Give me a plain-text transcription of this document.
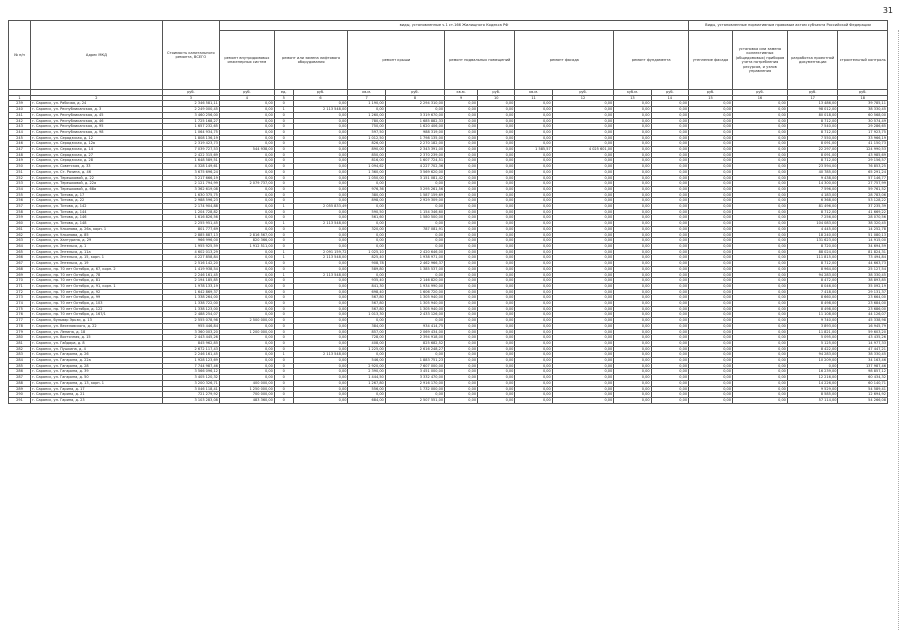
31
№ п/п	Адрес МКД	Стоимость капитального ремонта, ВСЕГО	виды, установленные ч.1 ст.166 Жилищного Кодекса РФ											Виды, установленные нормативным правовым актом субъекта Российской Федерации			
			ремонт внутридомовых инженерных систем	ремонт или замена лифтового оборудования		ремонт крыши		ремонт подвальных помещений		ремонт фасада		ремонт фундамента		утепление фасада	установка или замена коллективных (общедомовых) приборов учета потребления ресурсов, и узлов управления	разработка проектной документации	строительный контроль
		руб.	руб.	ед.	руб.	кв.м.	руб.	кв.м.	руб.	кв.м.	руб.	куб.м.	руб.	руб.	руб.	руб.	руб.
1	2	3	4	5	6	7	8	9	10	11	12	13	14	15	16	17	18
239	г. Саранск, ул. Рабочая, д. 24	2 346 581,11	0,00	0	0,00	1 190,00	2 294 310,00	0,00	0,00	0,00	0,00	0,00	0,00	0,00	0,00	13 486,00	39 785,11
240	г. Саранск, ул. Республиканская, д. 3	2 249 000,45	0,00	1	2 113 548,00	0,00	0,00	0,00	0,00	0,00	0,00	0,00	0,00	0,00	0,00	98 012,00	38 330,45
241	г. Саранск, ул. Республиканская, д. 45	3 460 256,00	0,00	0	0,00	1 260,00	3 319 670,00	0,00	0,00	0,00	0,00	0,00	0,00	0,00	0,00	80 018,00	60 568,00
242	г. Саранск, ул. Республиканская, д. 46	1 725 168,27	0,00	0	0,00	780,00	1 685 882,33	0,00	0,00	0,00	0,00	0,00	0,00	0,00	0,00	8 712,00	30 574,49
243	г. Саранск, ул. Республиканская, д. 95	1 657 232,65	0,00	0	0,00	750,00	1 620 406,00	0,00	0,00	0,00	0,00	0,00	0,00	0,00	0,00	7 540,00	29 286,65
244	г. Саранск, ул. Республиканская, д. 98	1 064 934,75	0,00	0	0,00	597,50	988 319,00	0,00	0,00	0,00	0,00	0,00	0,00	0,00	0,00	8 712,00	17 923,75
245	г. Саранск, ул. Серадзская, д. 12	1 808 136,19	0,00	0	0,00	1 012,50	1 798 135,00	0,00	0,00	0,00	0,00	0,00	0,00	0,00	0,00	7 550,00	33 966,19
246	г. Саранск, ул. Серадзская, д. 12а	2 319 423,73	0,00	0	0,00	826,00	2 270 182,00	0,00	0,00	0,00	0,00	0,00	0,00	0,00	0,00	8 091,00	41 150,73
247	г. Саранск, ул. Серадзская, д. 14	7 039 727,53	544 938,00	0	0,00	890,00	2 343 391,00	0,00	0,00	1 585,57	4 025 601,00	0,00	0,00	0,00	0,00	22 297,00	124 990,53
248	г. Саранск, ул. Серадзская, д. 27	2 422 315,69	0,00	0	0,00	850,00	2 370 239,00	0,00	0,00	0,00	0,00	0,00	0,00	0,00	0,00	8 091,00	43 985,69
249	г. Саранск, ул. Серадзская, д. 28	1 648 589,51	0,00	0	0,00	816,00	1 607 724,51	0,00	0,00	0,00	0,00	0,00	0,00	0,00	0,00	8 712,00	29 156,57
250	г. Саранск, ул. Советская, д. 33	4 328 149,61	0,00	0	0,00	1 094,62	4 227 702,36	0,00	0,00	0,00	0,00	0,00	0,00	0,00	0,00	23 594,00	76 853,25
251	г. Саранск, ул. Ст. Разина, д. 46	3 675 696,24	0,00	0	0,00	1 360,00	3 569 620,00	0,00	0,00	0,00	0,00	0,00	0,00	0,00	0,00	40 785,00	65 291,24
252	г. Саранск, ул. Терешковой, д. 22	3 217 666,19	0,00	0	0,00	1 050,00	3 151 081,42	0,00	0,00	0,00	0,00	0,00	0,00	0,00	0,00	9 438,00	57 146,77
253	г. Саранск, ул. Терешковой, д. 22а	2 121 794,99	2 079 737,00	0	0,00	0,00	0,00	0,00	0,00	0,00	0,00	0,00	0,00	0,00	0,00	14 300,00	27 757,99
254	г. Саранск, ул. Терешковой, д. 68а	3 362 619,08	0,00	0	0,00	976,36	3 295 261,56	0,00	0,00	0,00	0,00	0,00	0,00	0,00	0,00	7 596,00	59 761,52
255	г. Саранск, ул. Титова, д. 17	1 630 375,75	0,00	0	0,00	380,00	1 587 159,69	0,00	0,00	0,00	0,00	0,00	0,00	0,00	0,00	4 183,00	28 783,06
256	г. Саранск, ул. Титова, д. 22	2 988 596,23	0,00	0	0,00	898,00	2 929 309,00	0,00	0,00	0,00	0,00	0,00	0,00	0,00	0,00	6 368,00	53 128,22
257	г. Саранск, ул. Титова, д. 142	2 174 904,88	0,00	1	2 055 833,49	0,00	0,00	0,00	0,00	0,00	0,00	0,00	0,00	0,00	0,00	81 496,00	37 235,39
258	г. Саранск, ул. Титова, д. 144	1 204 728,82	0,00	0	0,00	590,50	1 154 346,60	0,00	0,00	0,00	0,00	0,00	0,00	0,00	0,00	8 712,00	41 669,22
259	г. Саранск, ул. Титова, д. 146	1 616 826,56	0,00	0	0,00	561,60	1 580 500,00	0,00	0,00	0,00	0,00	0,00	0,00	0,00	0,00	7 256,00	28 070,56
260	г. Саранск, ул. Титова, д. 148	2 255 951,45	0,00	1	2 113 548,00	0,00	0,00	0,00	0,00	0,00	0,00	0,00	0,00	0,00	0,00	104 083,00	38 320,45
261	г. Саранск, ул. Ульянова, д. 26а, корп. 1	801 777,69	0,00	0	0,00	320,00	787 081,91	0,00	0,00	0,00	0,00	0,00	0,00	0,00	0,00	4 445,00	14 252,78
262	г. Саранск, ул. Ульянова, д. 85	2 885 887,13	2 816 567,00	0	0,00	0,00	0,00	0,00	0,00	0,00	0,00	0,00	0,00	0,00	0,00	18 240,00	51 080,13
263	г. Саранск, ул. Халтурина, д. 29	966 996,00	820 366,00	0	0,00	0,00	0,00	0,00	0,00	0,00	0,00	0,00	0,00	0,00	0,00	131 623,00	14 915,00
264	г. Саранск, ул. Энгельса, д. 1	1 955 925,59	1 912 511,00	0	0,00	0,00	0,00	0,00	0,00	0,00	0,00	0,00	0,00	0,00	0,00	8 720,00	34 694,59
265	г. Саранск, ул. Энгельса, д. 11а	4 602 013,29	0,00	1	2 091 159,72	1 025,10	2 420 646,00	0,00	0,00	0,00	0,00	0,00	0,00	0,00	0,00	88 024,00	81 824,31
266	г. Саранск, ул. Энгельса, д. 15, корп. 1	4 227 858,84	0,00	1	2 113 548,00	825,40	1 938 971,00	0,00	0,00	0,00	0,00	0,00	0,00	0,00	0,00	111 815,00	73 494,84
267	г. Саранск, ул. Энгельса, д. 19	2 516 142,20	0,00	0	0,00	908,78	2 462 966,37	0,00	0,00	0,00	0,00	0,00	0,00	0,00	0,00	8 712,00	44 663,73
268	г. Саранск, пр. 70 лет Октября, д. 67, корп. 2	1 419 938,54	0,00	0	0,00	589,80	1 385 537,00	0,00	0,00	0,00	0,00	0,00	0,00	0,00	0,00	8 964,00	25 127,54
269	г. Саранск, пр. 70 лет Октября, д. 78	2 246 161,45	0,00	1	2 113 548,00	0,00	0,00	0,00	0,00	0,00	0,00	0,00	0,00	0,00	0,00	94 283,00	38 330,45
270	г. Саранск, пр. 70 лет Октября, д. 81	2 194 185,85	0,00	0	0,00	935,40	2 146 820,00	0,00	0,00	0,00	0,00	0,00	0,00	0,00	0,00	8 472,00	38 893,85
271	г. Саранск, пр. 70 лет Октября, д. 91, корп. 1	1 978 133,19	0,00	0	0,00	841,30	1 934 990,00	0,00	0,00	0,00	0,00	0,00	0,00	0,00	0,00	8 046,00	35 092,19
272	г. Саранск, пр. 70 лет Октября, д. 92	1 642 869,37	0,00	0	0,00	698,40	1 606 720,00	0,00	0,00	0,00	0,00	0,00	0,00	0,00	0,00	7 418,00	29 131,37
273	г. Саранск, пр. 70 лет Октября, д. 99	1 338 264,00	0,00	0	0,00	567,80	1 305 940,00	0,00	0,00	0,00	0,00	0,00	0,00	0,00	0,00	8 660,00	23 664,00
274	г. Саранск, пр. 70 лет Октября, д. 103	1 338 722,00	0,00	0	0,00	567,80	1 305 940,00	0,00	0,00	0,00	0,00	0,00	0,00	0,00	0,00	8 498,00	23 684,00
275	г. Саранск, пр. 70 лет Октября, д. 122	1 338 123,00	0,00	0	0,00	567,80	1 305 940,00	0,00	0,00	0,00	0,00	0,00	0,00	0,00	0,00	8 498,00	23 686,00
276	г. Саранск, пр. 70 лет Октября, д. 167/1	2 488 254,07	0,00	0	0,00	1 013,30	2 433 126,00	0,00	0,00	0,00	0,00	0,00	0,00	0,00	0,00	11 108,00	44 126,07
277	г. Саранск, бульвар Эрьзи, д. 13	2 555 078,98	2 500 000,00	0	0,00	0,00	0,00	0,00	0,00	0,00	0,00	0,00	0,00	0,00	0,00	9 740,00	45 338,98
278	г. Саранск, ул. Веселовского, д. 22	955 446,84	0,00	0	0,00	384,00	934 414,75	0,00	0,00	0,00	0,00	0,00	0,00	0,00	0,00	3 893,00	16 945,79
279	г. Саранск, ул. Ленина, д. 18	3 360 003,20	1 200 000,00	0	0,00	857,00	2 069 434,00	0,00	0,00	0,00	0,00	0,00	0,00	0,00	0,00	11 821,00	59 603,20
280	г. Саранск, ул. Восточная, д. 15	2 443 445,26	0,00	0	0,00	728,00	2 394 918,00	0,00	0,00	0,00	0,00	0,00	0,00	0,00	0,00	5 095,00	43 435,26
281	г. Саранск, ул. Гайдара, д. 8	845 962,85	0,00	0	0,00	408,00	825 682,52	0,00	0,00	0,00	0,00	0,00	0,00	0,00	0,00	5 125,00	14 977,33
282	г. Саранск, ул. Пушкина, д. 4	2 672 117,43	0,00	0	0,00	1 225,00	2 616 248,27	0,00	0,00	0,00	0,00	0,00	0,00	0,00	0,00	8 422,00	47 447,21
283	г. Саранск, ул. Гагарина, д. 26	2 246 161,45	0,00	1	2 113 548,00	0,00	0,00	0,00	0,00	0,00	0,00	0,00	0,00	0,00	0,00	94 283,00	38 330,45
284	г. Саранск, ул. Гагарина, д. 22а	1 928 123,69	0,00	0	0,00	546,00	1 883 751,23	0,00	0,00	0,00	0,00	0,00	0,00	0,00	0,00	10 209,00	34 163,46
285	г. Саранск, ул. Гагарина, д. 28	7 744 987,46	0,00	0	0,00	2 920,00	7 607 000,00	0,00	0,00	0,00	0,00	0,00	0,00	0,00	0,00	0,00	137 987,46
286	г. Саранск, ул. Гагарина, д. 39	3 566 096,12	0,00	0	0,00	2 390,00	3 451 000,00	0,00	0,00	0,00	0,00	0,00	0,00	0,00	0,00	16 239,00	98 857,12
287	г. Саранск, ул. Гагарина, д. 50	3 405 120,32	0,00	0	0,00	1 444,50	3 332 470,00	0,00	0,00	0,00	0,00	0,00	0,00	0,00	0,00	12 216,00	60 434,32
288	г. Саранск, ул. Гагарина, д. 13, корп. 1	3 200 326,71	400 000,00	0	0,00	1 267,80	2 916 170,00	0,00	0,00	0,00	0,00	0,00	0,00	0,00	0,00	14 226,00	60 140,71
289	г. Саранск, ул. Гарина, д. 17	3 046 118,41	1 250 000,00	0	0,00	556,00	1 732 000,00	0,00	0,00	0,00	0,00	0,00	0,00	0,00	0,00	9 529,00	54 589,41
290	г. Саранск, ул. Гарина, д. 21	721 279,92	700 000,00	0	0,00	0,00	0,00	0,00	0,00	0,00	0,00	0,00	0,00	0,00	0,00	8 585,00	12 694,92
291	г. Саранск, ул. Гарина, д. 23	3 103 283,08	483 360,00	0	0,00	684,00	2 507 551,00	0,00	0,00	0,00	0,00	0,00	0,00	0,00	0,00	57 114,00	54 266,08
